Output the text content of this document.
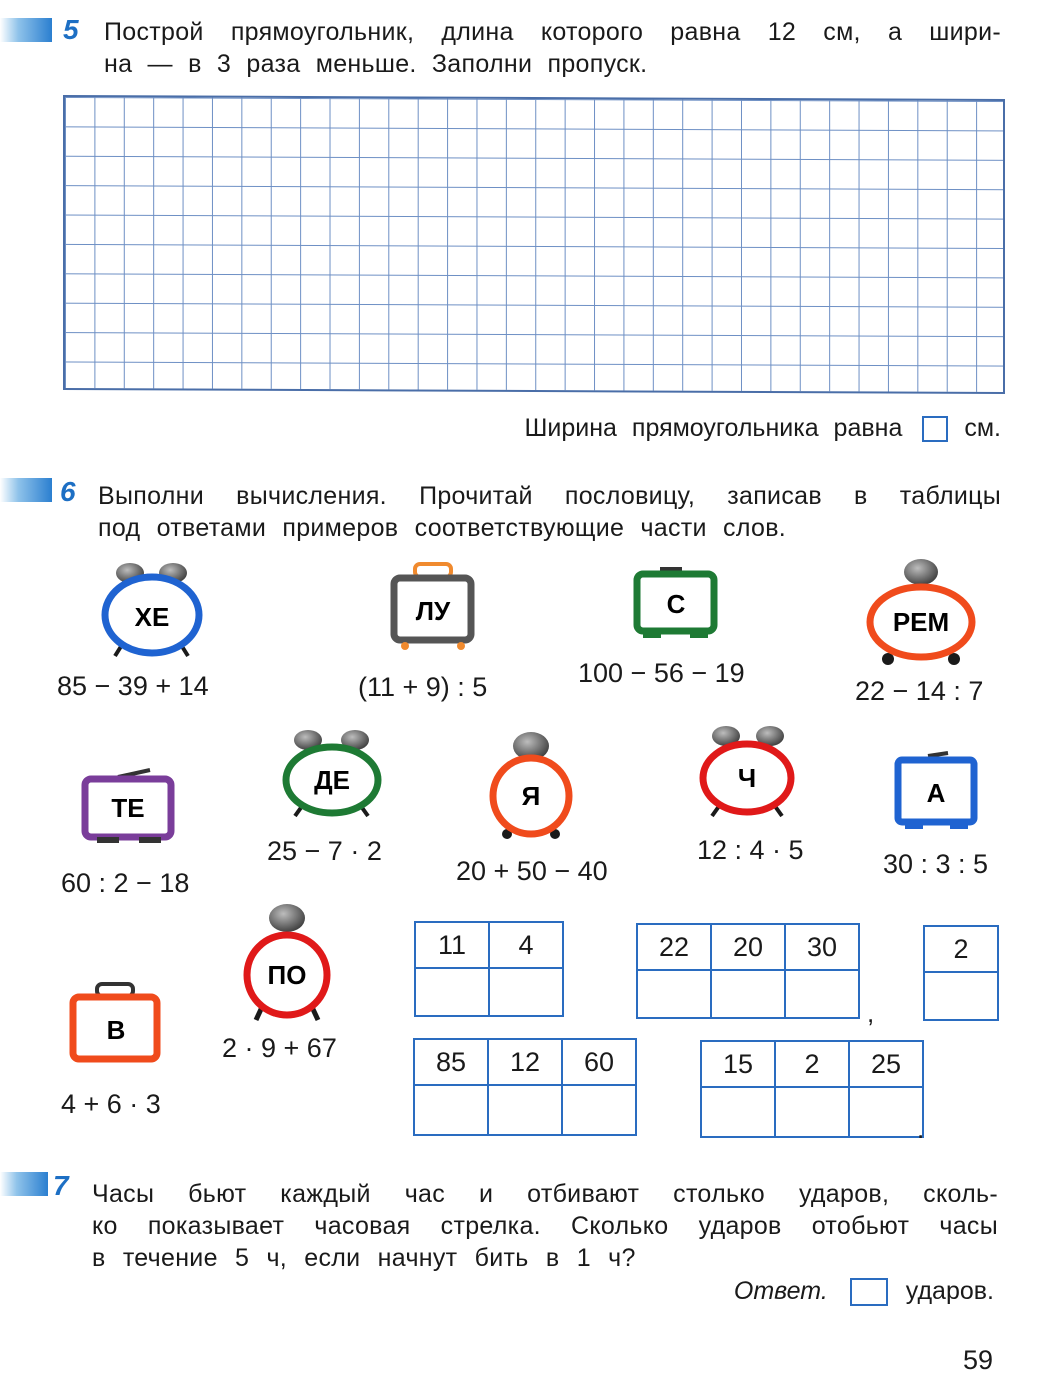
5 Построй прямоугольник, длина которого равна 12 см, а шири-
на — в 3 раза меньше. Заполни пропуск.
Ширина прямоугольника равна см.
6 Выполни вычисления. Прочитай пословицу, записав в таблицы
под ответами примеров соответствующие части слов.
ХЕ	ЛУ	С
РЕМ
ТЕ
ДЕ
Я
Ч	А
ПО
В
85 − 39 + 14	(11 + 9) : 5	100 − 56 − 19
22 − 14 : 7
60 : 2 − 18
25 − 7 · 2
20 + 50 − 40
12 : 4 · 5	30 : 3 : 5
2 · 9 + 67
4 + 6 · 3
11	4
		22	20	30

,
2

85	12	60
			15	2	25

.
7 Часы бьют каждый час и отбивают столько ударов, сколь-
ко показывает часовая стрелка. Сколько ударов отобьют часы
в течение 5 ч, если начнут бить в 1 ч?
Ответ.	ударов.
59
